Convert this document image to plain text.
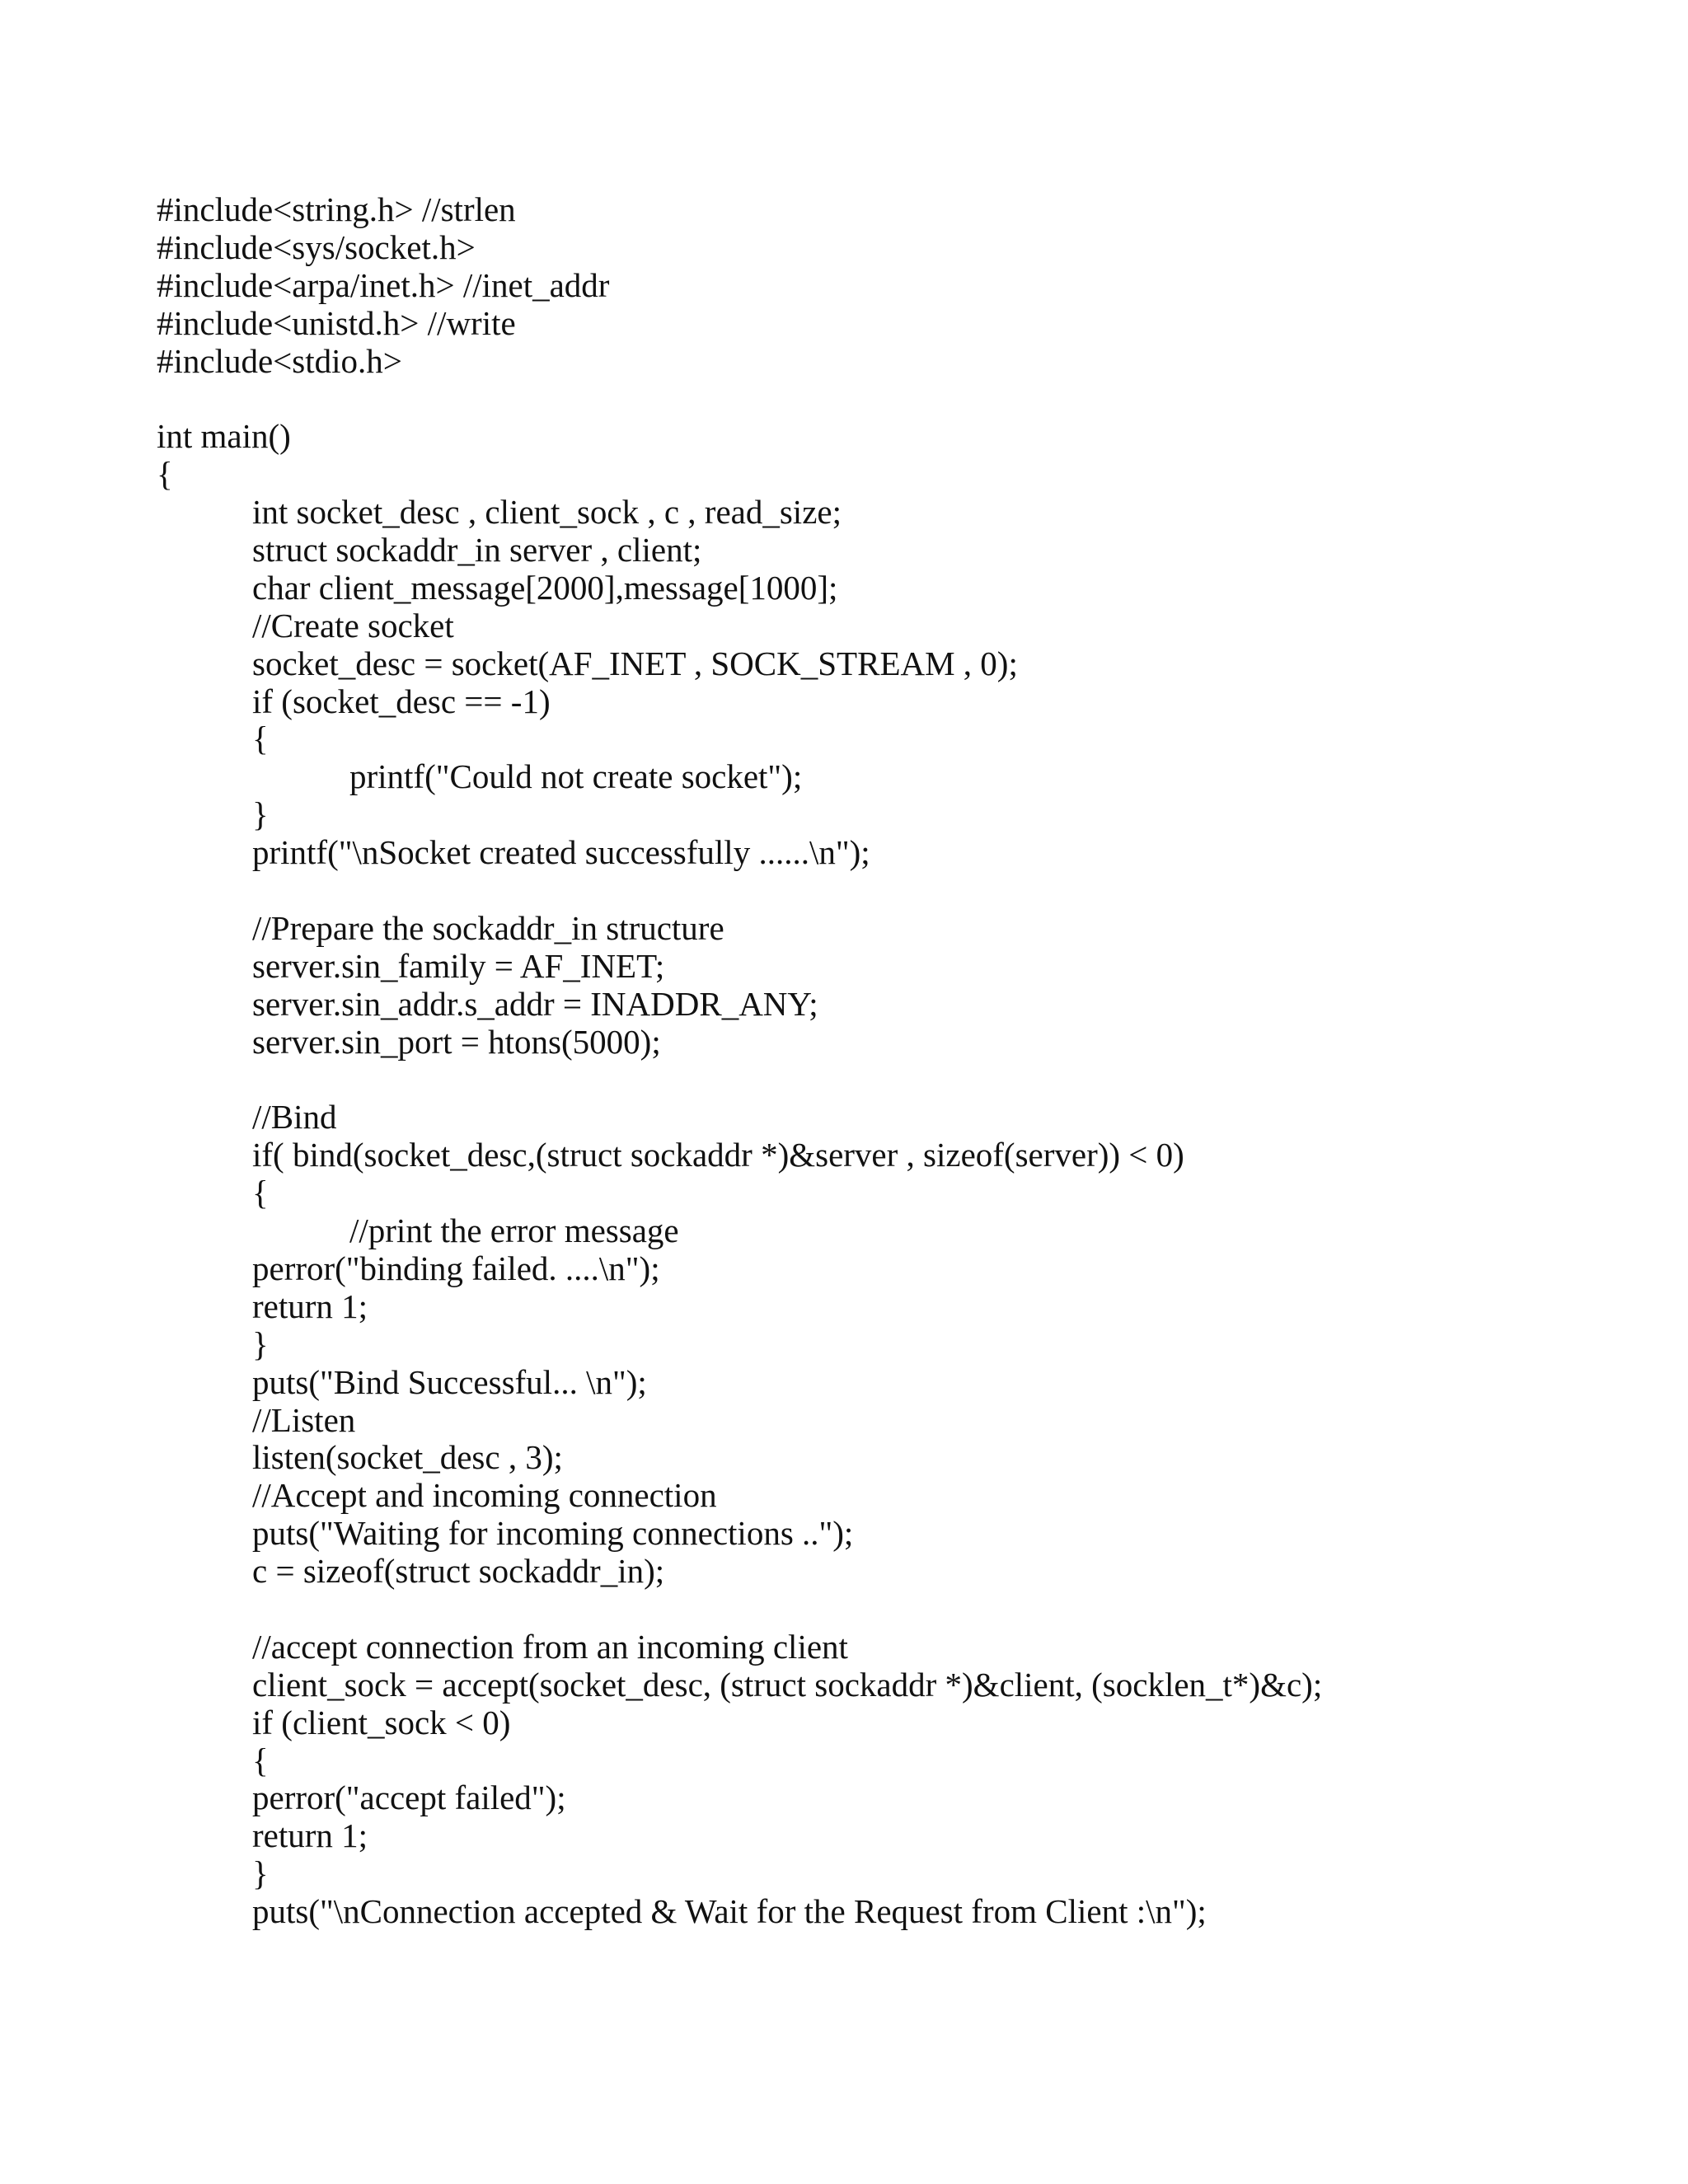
#include<string.h> //strlen
#include<sys/socket.h>
#include<arpa/inet.h> //inet_addr
#include<unistd.h> //write
#include<stdio.h>
int main()
{
int socket_desc , client_sock , c , read_size;
struct sockaddr_in server , client;
char client_message[2000],message[1000];
//Create socket
socket_desc = socket(AF_INET , SOCK_STREAM , 0);
if (socket_desc == -1)
{
printf("Could not create socket");
}
printf("\nSocket created successfully ......\n");
//Prepare the sockaddr_in structure
server.sin_family = AF_INET;
server.sin_addr.s_addr = INADDR_ANY;
server.sin_port = htons(5000);
//Bind
if( bind(socket_desc,(struct sockaddr *)&server , sizeof(server)) < 0)
{
//print the error message
perror("binding failed. ....\n");
return 1;
}
puts("Bind Successful... \n");
//Listen
listen(socket_desc , 3);
//Accept and incoming connection
puts("Waiting for incoming connections ..");
c = sizeof(struct sockaddr_in);
//accept connection from an incoming client
client_sock = accept(socket_desc, (struct sockaddr *)&client, (socklen_t*)&c);
if (client_sock < 0)
{
perror("accept failed");
return 1;
}
puts("\nConnection accepted & Wait for the Request from Client :\n");
